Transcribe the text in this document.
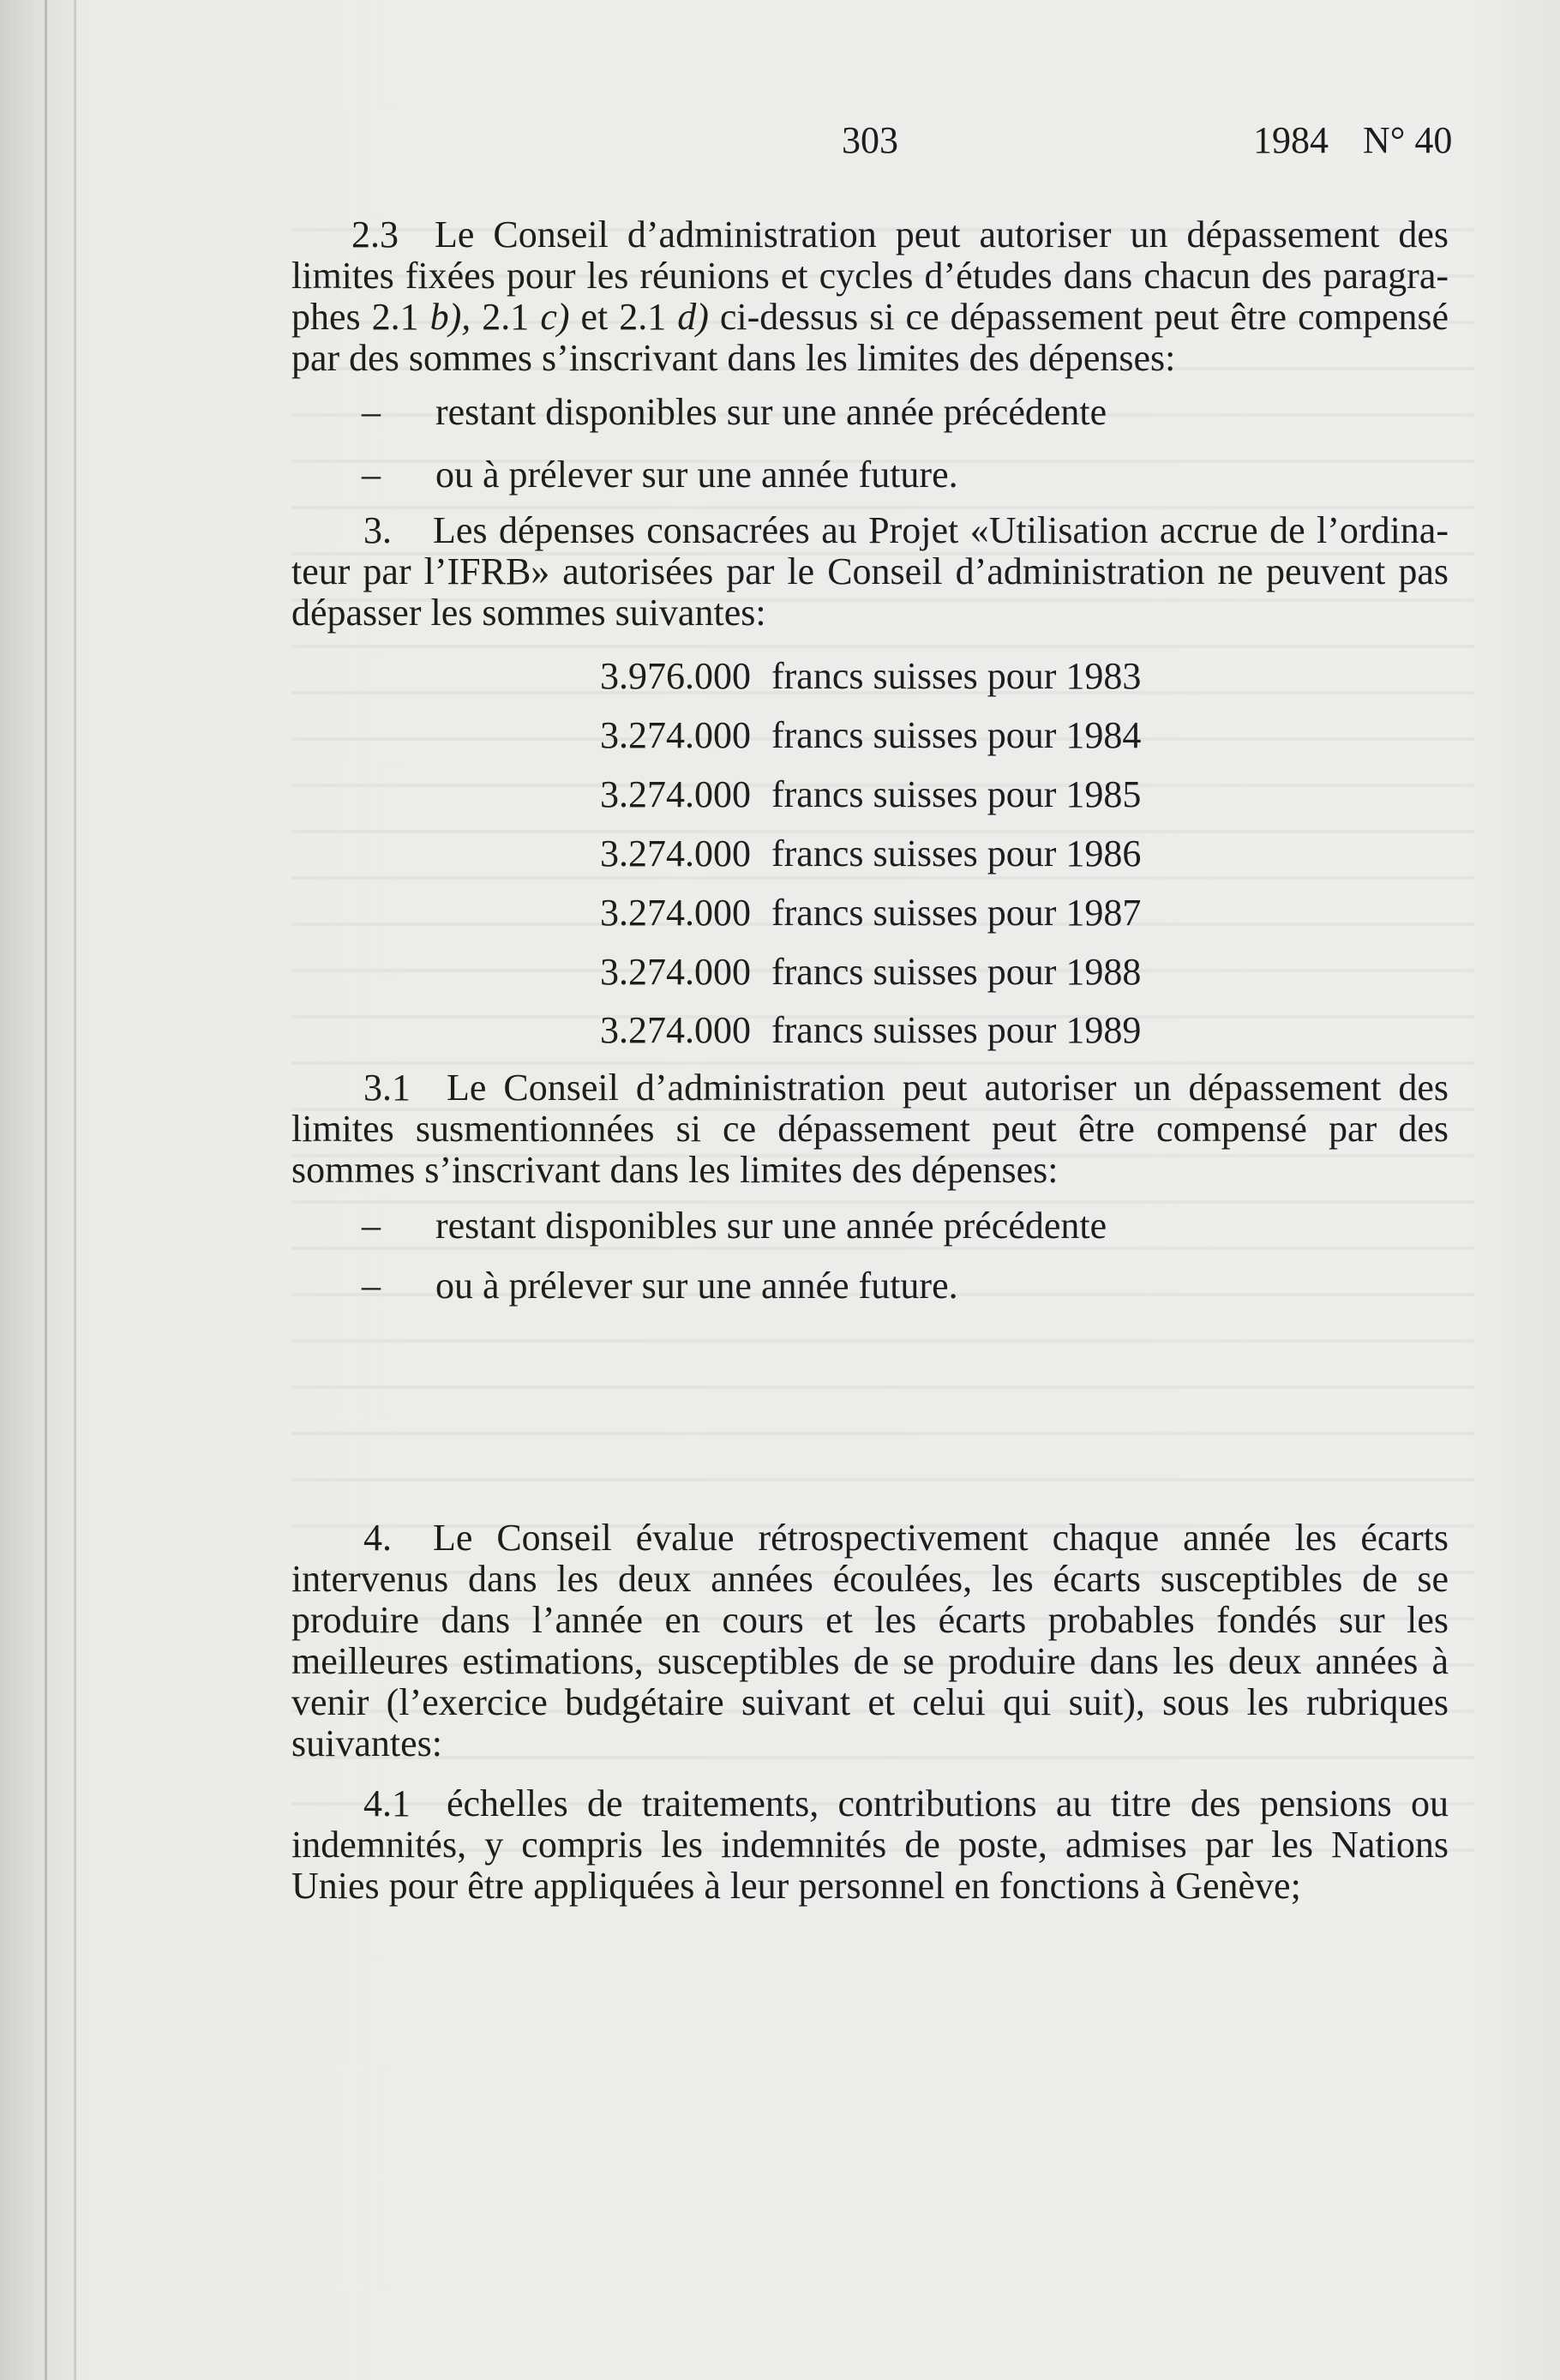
303	1984 N° 40
2.3 Le Conseil d’administration peut autoriser un dépassement des
limites fixées pour les réunions et cycles d’études dans chacun des paragra-
phes 2.1 b), 2.1 c) et 2.1 d) ci-dessus si ce dépassement peut être compensé
par des sommes s’inscrivant dans les limites des dépenses:
– restant disponibles sur une année précédente
– ou à prélever sur une année future.
3. Les dépenses consacrées au Projet «Utilisation accrue de l’ordina-
teur par l’IFRB» autorisées par le Conseil d’administration ne peuvent pas
dépasser les sommes suivantes:
3.976.000 francs suisses pour 1983
3.274.000 francs suisses pour 1984
3.274.000 francs suisses pour 1985
3.274.000 francs suisses pour 1986
3.274.000 francs suisses pour 1987
3.274.000 francs suisses pour 1988
3.274.000 francs suisses pour 1989
3.1 Le Conseil d’administration peut autoriser un dépassement des
limites susmentionnées si ce dépassement peut être compensé par des
sommes s’inscrivant dans les limites des dépenses:
– restant disponibles sur une année précédente
– ou à prélever sur une année future.
4. Le Conseil évalue rétrospectivement chaque année les écarts
intervenus dans les deux années écoulées, les écarts susceptibles de se
produire dans l’année en cours et les écarts probables fondés sur les
meilleures estimations, susceptibles de se produire dans les deux années à
venir (l’exercice budgétaire suivant et celui qui suit), sous les rubriques
suivantes:
4.1 échelles de traitements, contributions au titre des pensions ou
indemnités, y compris les indemnités de poste, admises par les Nations
Unies pour être appliquées à leur personnel en fonctions à Genève;
